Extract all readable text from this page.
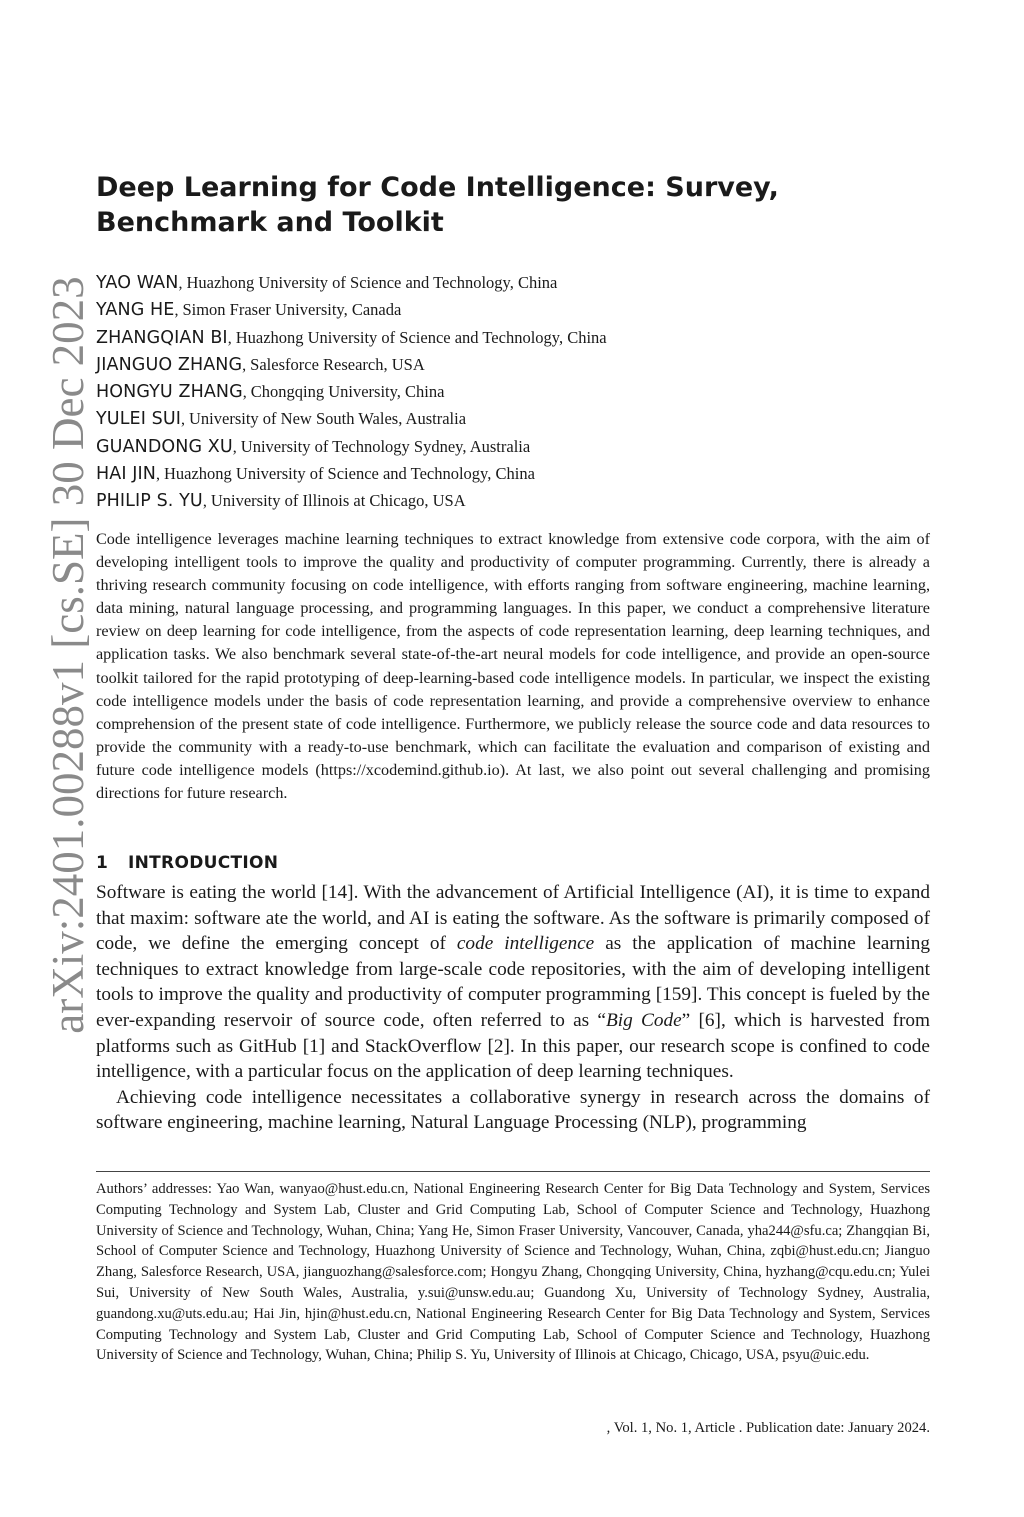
arXiv:2401.00288v1 [cs.SE] 30 Dec 2023
Deep Learning for Code Intelligence: Survey, Benchmark and Toolkit
YAO WAN, Huazhong University of Science and Technology, China
YANG HE, Simon Fraser University, Canada
ZHANGQIAN BI, Huazhong University of Science and Technology, China
JIANGUO ZHANG, Salesforce Research, USA
HONGYU ZHANG, Chongqing University, China
YULEI SUI, University of New South Wales, Australia
GUANDONG XU, University of Technology Sydney, Australia
HAI JIN, Huazhong University of Science and Technology, China
PHILIP S. YU, University of Illinois at Chicago, USA

Code intelligence leverages machine learning techniques to extract knowledge from extensive code corpora, with the aim of developing intelligent tools to improve the quality and productivity of computer programming. Currently, there is already a thriving research community focusing on code intelligence, with efforts ranging from software engineering, machine learning, data mining, natural language processing, and programming languages. In this paper, we conduct a comprehensive literature review on deep learning for code intelligence, from the aspects of code representation learning, deep learning techniques, and application tasks. We also benchmark several state-of-the-art neural models for code intelligence, and provide an open-source toolkit tailored for the rapid prototyping of deep-learning-based code intelligence models. In particular, we inspect the existing code intelligence models under the basis of code representation learning, and provide a comprehensive overview to enhance comprehension of the present state of code intelligence. Furthermore, we publicly release the source code and data resources to provide the community with a ready-to-use benchmark, which can facilitate the evaluation and comparison of existing and future code intelligence models (https://xcodemind.github.io). At last, we also point out several challenging and promising directions for future research.

1 INTRODUCTION

Software is eating the world [14]. With the advancement of Artificial Intelligence (AI), it is time to expand that maxim: software ate the world, and AI is eating the software. As the software is primarily composed of code, we define the emerging concept of code intelligence as the application of machine learning techniques to extract knowledge from large-scale code repositories, with the aim of developing intelligent tools to improve the quality and productivity of computer programming [159]. This concept is fueled by the ever-expanding reservoir of source code, often referred to as “Big Code” [6], which is harvested from platforms such as GitHub [1] and StackOverflow [2]. In this paper, our research scope is confined to code intelligence, with a particular focus on the application of deep learning techniques.

Achieving code intelligence necessitates a collaborative synergy in research across the domains of software engineering, machine learning, Natural Language Processing (NLP), programming

Authors’ addresses: Yao Wan, wanyao@hust.edu.cn, National Engineering Research Center for Big Data Technology and System, Services Computing Technology and System Lab, Cluster and Grid Computing Lab, School of Computer Science and Technology, Huazhong University of Science and Technology, Wuhan, China; Yang He, Simon Fraser University, Vancouver, Canada, yha244@sfu.ca; Zhangqian Bi, School of Computer Science and Technology, Huazhong University of Science and Technology, Wuhan, China, zqbi@hust.edu.cn; Jianguo Zhang, Salesforce Research, USA, jianguozhang@salesforce.com; Hongyu Zhang, Chongqing University, China, hyzhang@cqu.edu.cn; Yulei Sui, University of New South Wales, Australia, y.sui@unsw.edu.au; Guandong Xu, University of Technology Sydney, Australia, guandong.xu@uts.edu.au; Hai Jin, hjin@hust.edu.cn, National Engineering Research Center for Big Data Technology and System, Services Computing Technology and System Lab, Cluster and Grid Computing Lab, School of Computer Science and Technology, Huazhong University of Science and Technology, Wuhan, China; Philip S. Yu, University of Illinois at Chicago, Chicago, USA, psyu@uic.edu.

, Vol. 1, No. 1, Article . Publication date: January 2024.
